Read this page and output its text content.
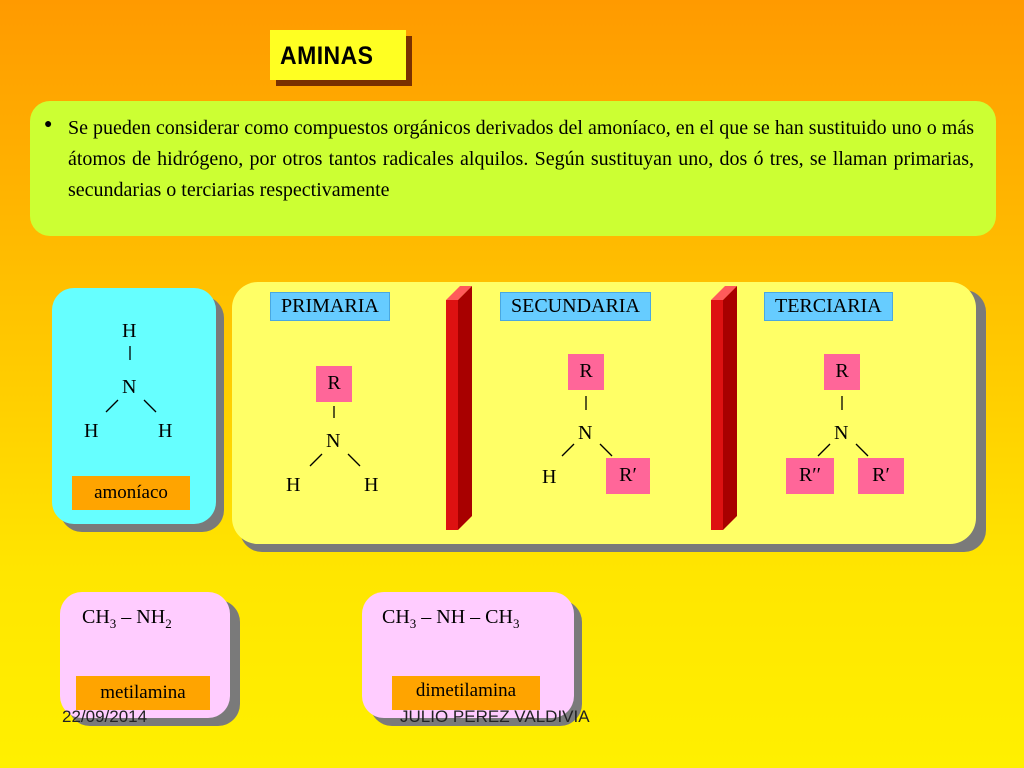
AMINAS
● Se pueden considerar como compuestos orgánicos derivados del amoníaco, en el que se han sustituido uno o más átomos de hidrógeno, por otros tantos radicales alquilos. Según sustituyan uno, dos ó tres, se llaman primarias, secundarias o terciarias respectivamente
H
N
H	H
amoníaco
PRIMARIA
R
N
H	H
SECUNDARIA
R
N
H	R′
TERCIARIA
R
N
R′′	R′
$CH_3 - NH_2$
metilamina
$CH_3$ – NH – $CH_3$
dimetilamina
22/09/2014	JULIO PEREZ VALDIVIA
